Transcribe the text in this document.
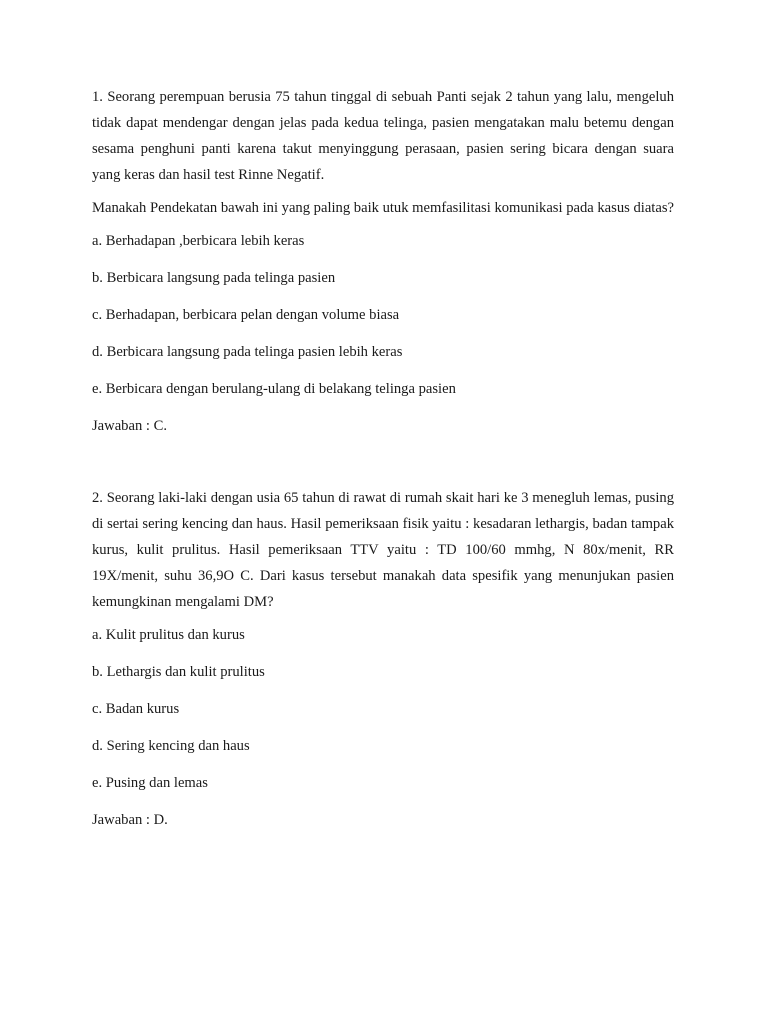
1. Seorang perempuan berusia 75 tahun tinggal di sebuah Panti sejak 2 tahun yang lalu, mengeluh tidak dapat mendengar dengan jelas pada kedua telinga, pasien mengatakan malu betemu dengan sesama penghuni panti karena takut menyinggung perasaan, pasien sering bicara dengan suara yang keras dan hasil test Rinne Negatif.

Manakah Pendekatan bawah ini yang paling baik utuk memfasilitasi komunikasi pada kasus diatas?

a. Berhadapan ,berbicara lebih keras

b. Berbicara langsung pada telinga pasien

c. Berhadapan, berbicara pelan dengan volume biasa

d. Berbicara langsung pada telinga pasien lebih keras

e. Berbicara dengan berulang-ulang di belakang telinga pasien

Jawaban : C.

2. Seorang laki-laki dengan usia 65 tahun di rawat di rumah skait hari ke 3 menegluh lemas, pusing di sertai sering kencing dan haus. Hasil pemeriksaan fisik yaitu : kesadaran lethargis, badan tampak kurus, kulit prulitus. Hasil pemeriksaan TTV yaitu : TD 100/60 mmhg, N 80x/menit, RR 19X/menit, suhu 36,9O C. Dari kasus tersebut manakah data spesifik yang menunjukan pasien kemungkinan mengalami DM?

a. Kulit prulitus dan kurus

b. Lethargis dan kulit prulitus

c. Badan kurus

d. Sering kencing dan haus

e. Pusing dan lemas

Jawaban : D.
